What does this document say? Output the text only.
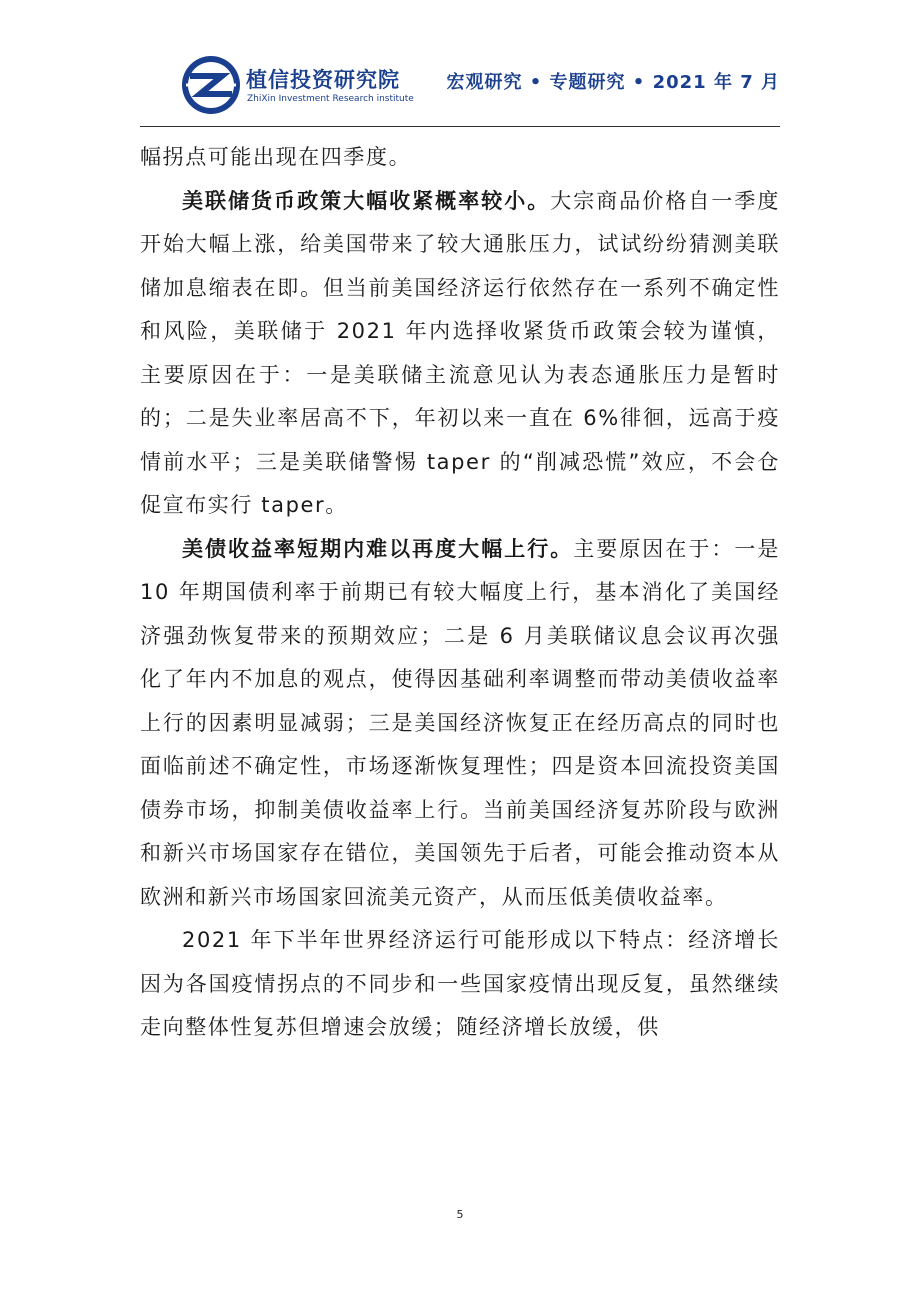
植信投资研究院
ZhiXin Investment Research institute
宏观研究 • 专题研究 • 2021 年 7 月

幅拐点可能出现在四季度。

美联储货币政策大幅收紧概率较小。大宗商品价格自一季度开始大幅上涨，给美国带来了较大通胀压力，试试纷纷猜测美联储加息缩表在即。但当前美国经济运行依然存在一系列不确定性和风险，美联储于 2021 年内选择收紧货币政策会较为谨慎，主要原因在于：一是美联储主流意见认为表态通胀压力是暂时的；二是失业率居高不下，年初以来一直在 6%徘徊，远高于疫情前水平；三是美联储警惕 taper 的“削减恐慌”效应，不会仓促宣布实行 taper。

美债收益率短期内难以再度大幅上行。主要原因在于：一是 10 年期国债利率于前期已有较大幅度上行，基本消化了美国经济强劲恢复带来的预期效应；二是 6 月美联储议息会议再次强化了年内不加息的观点，使得因基础利率调整而带动美债收益率上行的因素明显减弱；三是美国经济恢复正在经历高点的同时也面临前述不确定性，市场逐渐恢复理性；四是资本回流投资美国债券市场，抑制美债收益率上行。当前美国经济复苏阶段与欧洲和新兴市场国家存在错位，美国领先于后者，可能会推动资本从欧洲和新兴市场国家回流美元资产，从而压低美债收益率。

2021 年下半年世界经济运行可能形成以下特点：经济增长因为各国疫情拐点的不同步和一些国家疫情出现反复，虽然继续走向整体性复苏但增速会放缓；随经济增长放缓，供

5
